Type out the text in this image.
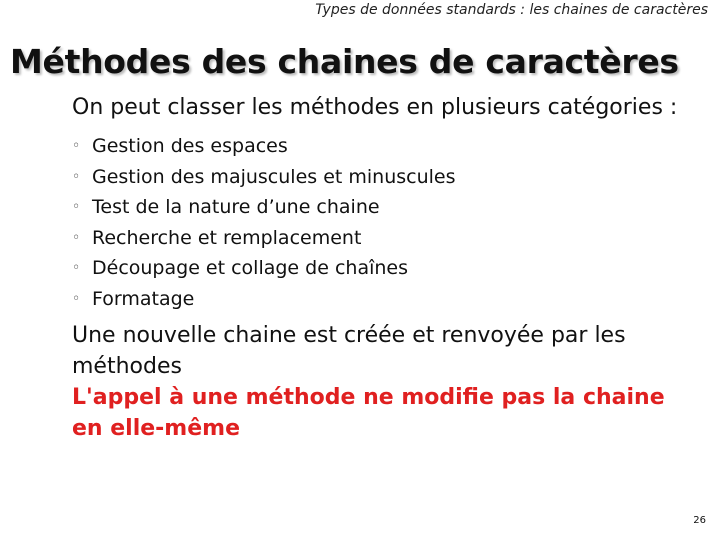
Types de données standards : les chaines de caractères
Méthodes des chaines de caractères
On peut classer les méthodes en plusieurs catégories :
◦ Gestion des espaces
◦ Gestion des majuscules et minuscules
◦ Test de la nature d’une chaine
◦ Recherche et remplacement
◦ Découpage et collage de chaînes
◦ Formatage
Une nouvelle chaine est créée et renvoyée par les méthodes
L'appel à une méthode ne modifie pas la chaine en elle-même
26
